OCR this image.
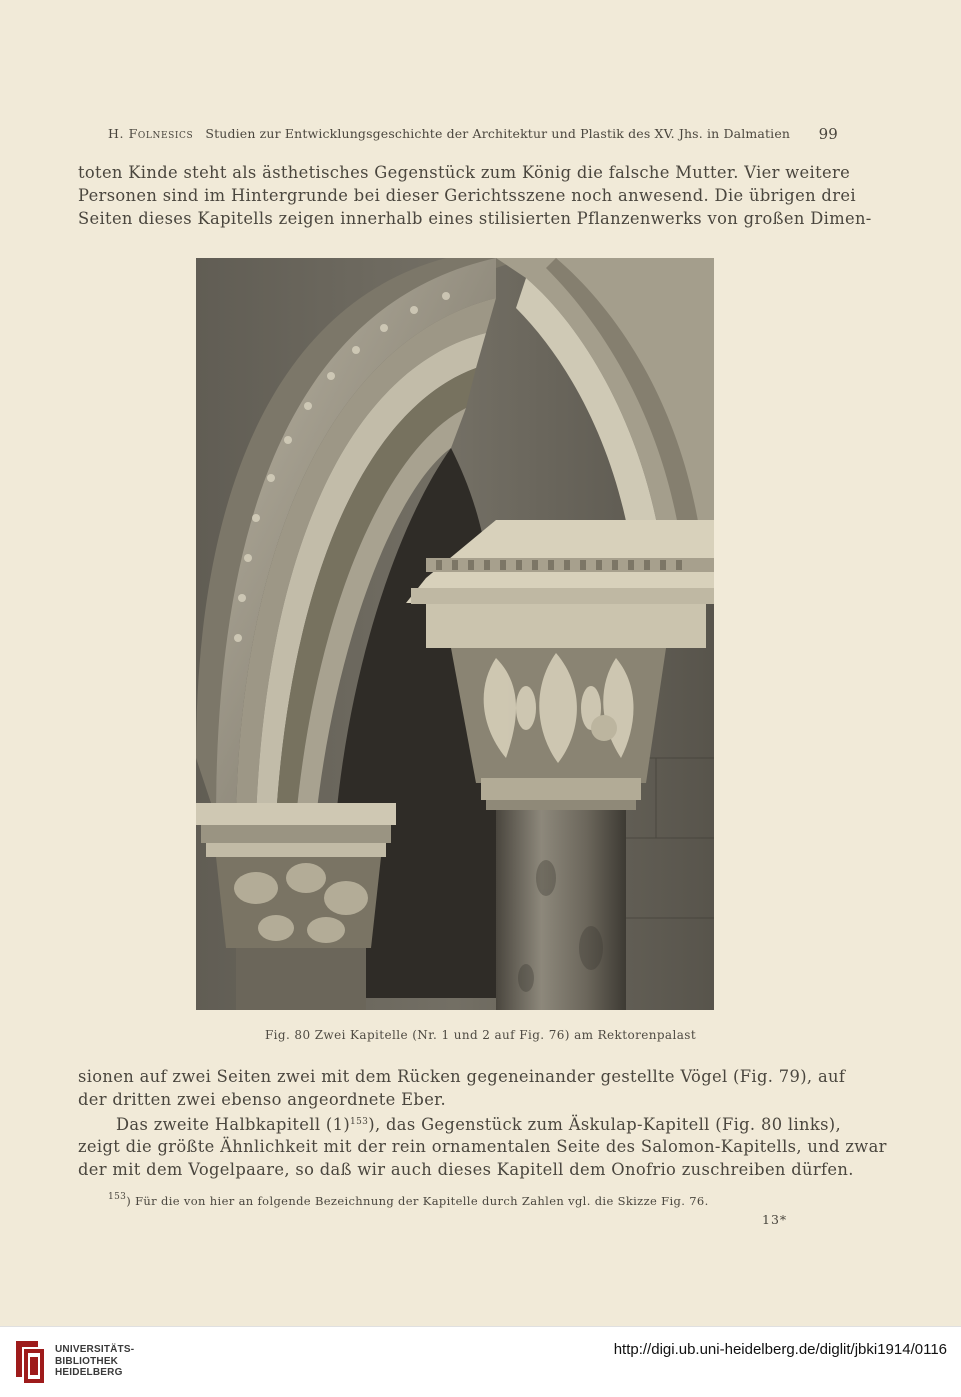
H. Folnesics Studien zur Entwicklungsgeschichte der Architektur und Plastik des XV. Jhs. in Dalmatien 99
toten Kinde steht als ästhetisches Gegenstück zum König die falsche Mutter. Vier weitere
Personen sind im Hintergrunde bei dieser Gerichtsszene noch anwesend. Die übrigen drei
Seiten dieses Kapitells zeigen innerhalb eines stilisierten Pflanzenwerks von großen Dimen-
Fig. 80 Zwei Kapitelle (Nr. 1 und 2 auf Fig. 76) am Rektorenpalast
sionen auf zwei Seiten zwei mit dem Rücken gegeneinander gestellte Vögel (Fig. 79), auf
der dritten zwei ebenso angeordnete Eber.
Das zweite Halbkapitell $(1)^{153}$), das Gegenstück zum Äskulap-Kapitell (Fig. 80 links),
zeigt die größte Ähnlichkeit mit der rein ornamentalen Seite des Salomon-Kapitells, und zwar
der mit dem Vogelpaare, so daß wir auch dieses Kapitell dem Onofrio zuschreiben dürfen.
$^{153}$) Für die von hier an folgende Bezeichnung der Kapitelle durch Zahlen vgl. die Skizze Fig. 76.
13*
UNIVERSITÄTS-
BIBLIOTHEK
HEIDELBERG
http://digi.ub.uni-heidelberg.de/diglit/jbki1914/0116
